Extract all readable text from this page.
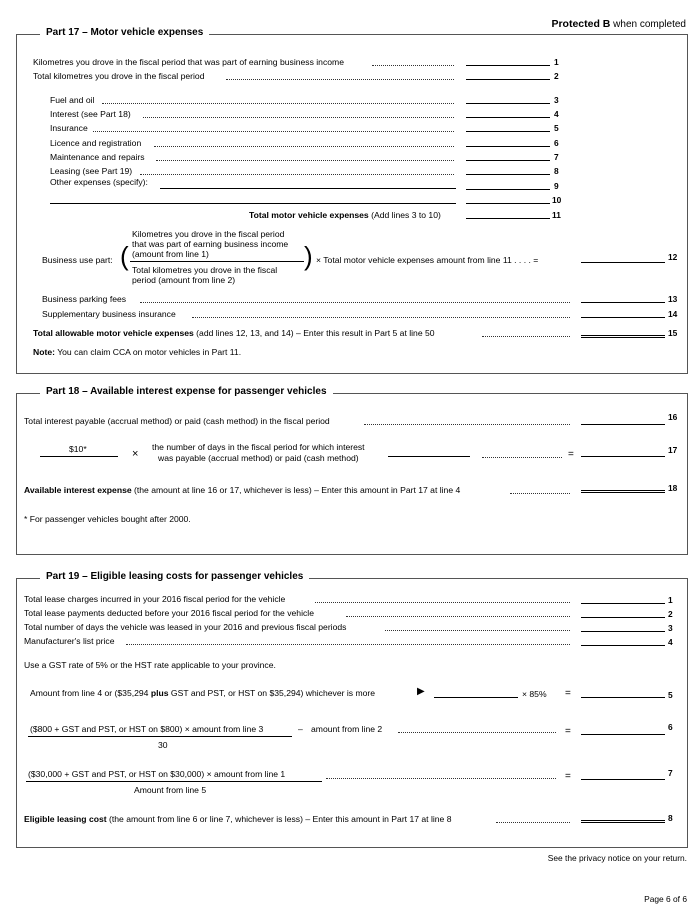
Protected B when completed
Part 17 – Motor vehicle expenses
Kilometres you drove in the fiscal period that was part of earning business income	1
Total kilometres you drove in the fiscal period	2
Fuel and oil	3
Interest (see Part 18)	4
Insurance	5
Licence and registration	6
Maintenance and repairs	7
Leasing (see Part 19)	8
Other expenses (specify):	9
10
Total motor vehicle expenses (Add lines 3 to 10)	11
Business use part: (
Kilometres you drove in the fiscal period
that was part of earning business income
(amount from line 1)
Total kilometres you drove in the fiscal
period (amount from line 2)
) × Total motor vehicle expenses amount from line 11 . . . . =	12
Business parking fees	13
Supplementary business insurance	14
Total allowable motor vehicle expenses (add lines 12, 13, and 14) – Enter this result in Part 5 at line 50	15
Note: You can claim CCA on motor vehicles in Part 11.
Part 18 – Available interest expense for passenger vehicles
Total interest payable (accrual method) or paid (cash method) in the fiscal period	16
$10*	×
the number of days in the fiscal period for which interest
was payable (accrual method) or paid (cash method)	=	17
Available interest expense (the amount at line 16 or 17, whichever is less) – Enter this amount in Part 17 at line 4	18
* For passenger vehicles bought after 2000.
Part 19 – Eligible leasing costs for passenger vehicles
Total lease charges incurred in your 2016 fiscal period for the vehicle	1
Total lease payments deducted before your 2016 fiscal period for the vehicle	2
Total number of days the vehicle was leased in your 2016 and previous fiscal periods	3
Manufacturer's list price	4
Use a GST rate of 5% or the HST rate applicable to your province.
Amount from line 4 or ($35,294 plus GST and PST, or HST on $35,294) whichever is more	▶	× 85% =	5
($800 + GST and PST, or HST on $800) × amount from line 3	– amount from line 2
30
=	6
($30,000 + GST and PST, or HST on $30,000) × amount from line 1
Amount from line 5
=	7
Eligible leasing cost (the amount from line 6 or line 7, whichever is less) – Enter this amount in Part 17 at line 8	8
See the privacy notice on your return.
Page 6 of 6
